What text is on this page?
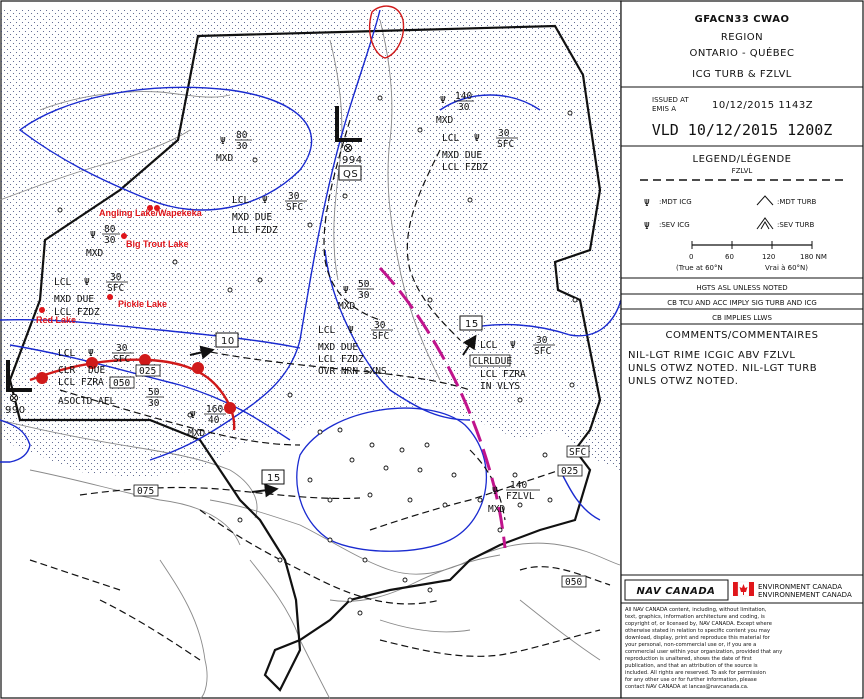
Angling Lake/Wapekeka
Big Trout Lake
Pickle Lake
Red Lake
994
QS
990
10
15
15
075
050
025
050
025
Ψ 140
30
MXD
LCL Ψ 30
SFC
MXD DUE
LCL FZDZ
Ψ
80
30
MXD
LCL Ψ 30
SFC
MXD DUE
LCL FZDZ
Ψ
80
30
MXD
LCL Ψ 30
SFC
MXD DUE
LCL FZDZ
Ψ
50
30
MXD
LCL Ψ 30
SFC
MXD DUE
LCL FZDZ
OVR NRN SXNS
LCL Ψ 30
SFC
CLRLDUE
LCL FZRA
IN VLYS
SFC
Ψ
140
FZLVL
MXD
LCL Ψ 30
SFC
CLR DUE
LCL FZRA
ASOCTD AFL
50
30
Ψ
160
40
MXD
GFACN33 CWAO
REGION
ONTARIO - QUÉBEC
ICG TURB & FZLVL
ISSUED AT
EMIS A	10/12/2015 1143Z
VLD 10/12/2015 1200Z
LEGEND/LÉGENDE
FZLVL
Ψ :MDT ICG
Ψ :SEV ICG
:MDT TURB
:SEV TURB
0	60	120	180 NM
(True at 60°N	Vrai à 60°N)
HGTS ASL UNLESS NOTED
CB TCU AND ACC IMPLY SIG TURB AND ICG
CB IMPLIES LLWS
COMMENTS/COMMENTAIRES
NIL-LGT RIME ICGIC ABV FZLVL
UNLS OTWZ NOTED. NIL-LGT TURB
UNLS OTWZ NOTED.
NAV CANADA	ENVIRONMENT CANADA
ENVIRONNEMENT CANADA
All NAV CANADA content, including, without limitation,
text, graphics, information architecture and coding, is
copyright of, or licensed by, NAV CANADA. Except where
otherwise stated in relation to specific content you may
download, display, print and reproduce this material for
your personal, non-commercial use or, if you are a
commercial user within your organization, provided that any
reproduction is unaltered, shows the date of first
publication, and that an attribution of the source is
included. All rights are reserved. To ask for permission
for any other use or for further information, please
contact NAV CANADA at lancas@navcanada.ca.
